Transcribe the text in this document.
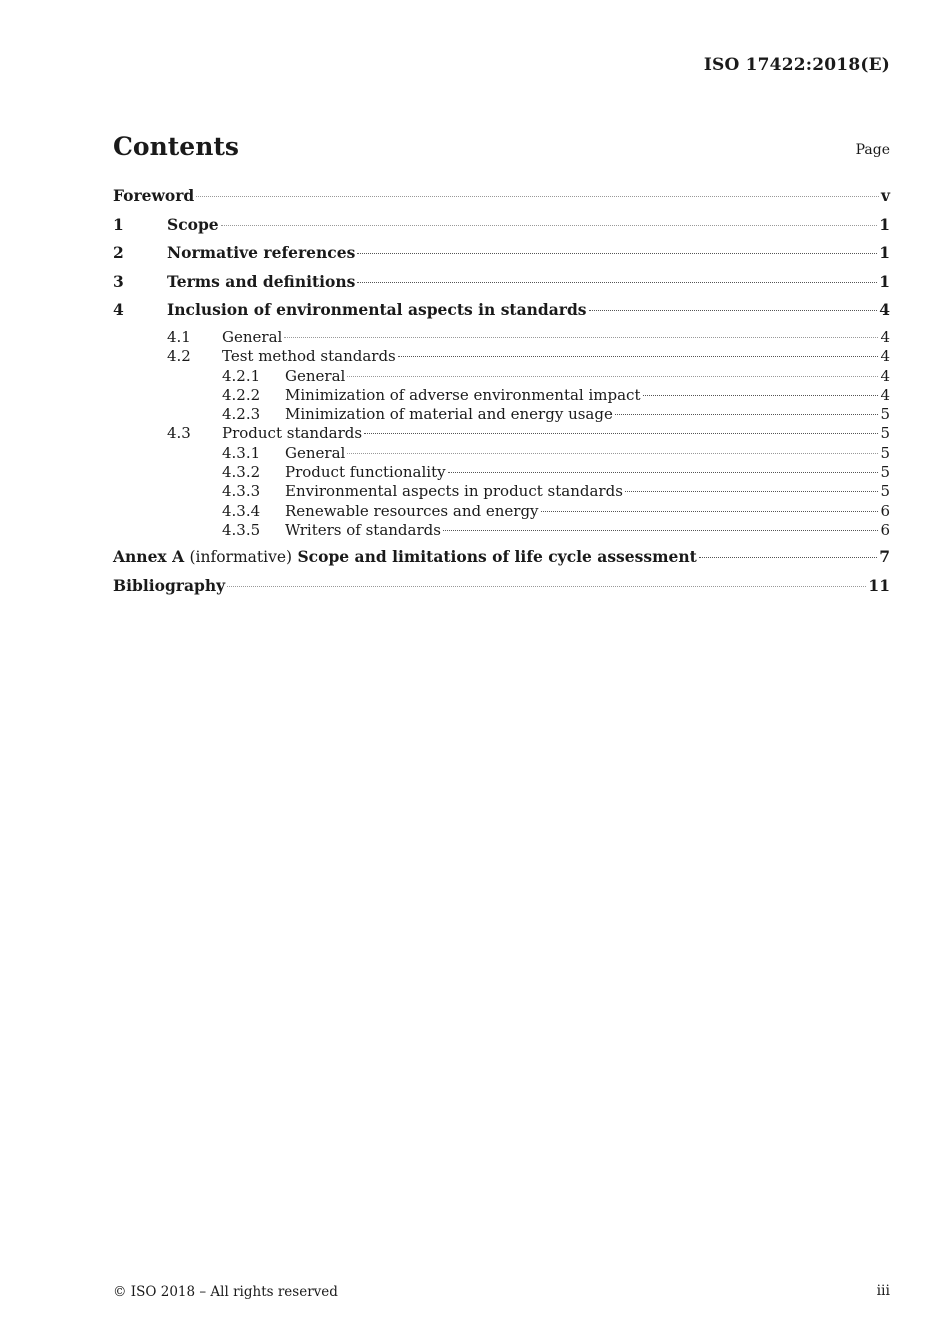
ISO 17422:2018(E)
Contents	Page
Foreword	v
1	Scope	1
2	Normative references	1
3	Terms and definitions	1
4	Inclusion of environmental aspects in standards	4
4.1	General	4
4.2	Test method standards	4
4.2.1	General	4
4.2.2	Minimization of adverse environmental impact	4
4.2.3	Minimization of material and energy usage	5
4.3	Product standards	5
4.3.1	General	5
4.3.2	Product functionality	5
4.3.3	Environmental aspects in product standards	5
4.3.4	Renewable resources and energy	6
4.3.5	Writers of standards	6
Annex A (informative) Scope and limitations of life cycle assessment	7
Bibliography	11
© ISO 2018 – All rights reserved	iii
